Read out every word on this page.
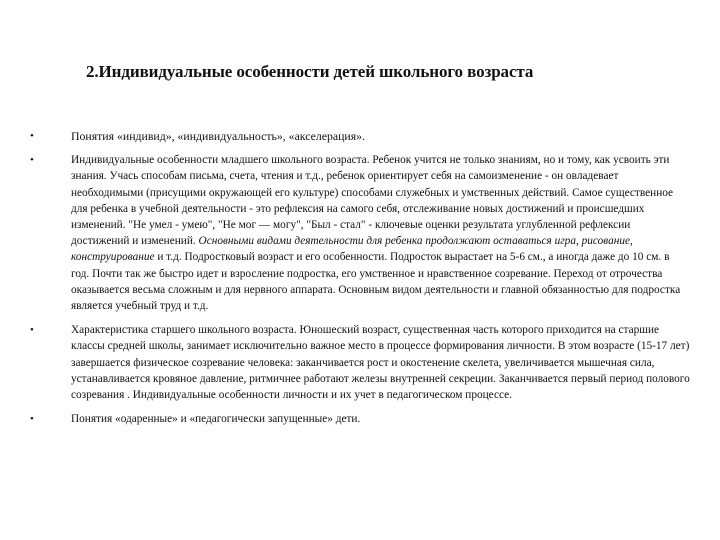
2.Индивидуальные особенности детей школьного возраста
•	Понятия «индивид», «индивидуальность», «акселерация».
•	Индивидуальные особенности младшего школьного возраста. Ребенок учится не только знаниям, но и тому, как усвоить эти знания. Учась способам письма, счета, чтения и т.д., ребенок ориентирует себя на самоизменение - он овладевает необходимыми (присущими окружающей его культуре) способами служебных и умственных действий. Самое существенное для ребенка в учебной деятельности - это рефлексия на самого себя, отслеживание новых достижений и происшедших изменений. "Не умел - умею", "Не мог — могу", "Был - стал" - ключевые оценки результата углубленной рефлексии достижений и изменений. Основными видами деятельности для ребенка продолжают оставаться игра, рисование, конструирование и т.д. Подростковый возраст и его особенности. Подросток вырастает на 5-6 см., а иногда даже до 10 см. в год. Почти так же быстро идет и взросление подростка, его умственное и нравственное созревание. Переход от отрочества оказывается весьма сложным и для нервного аппарата. Основным видом деятельности и главной обязанностью для подростка является учебный труд и т.д.
•	Характеристика старшего школьного возраста. Юношеский возраст, существенная часть которого приходится на старшие классы средней школы, занимает исключительно важное место в процессе формирования личности. В этом возрасте (15-17 лет) завершается физическое созревание человека: заканчивается рост и окостенение скелета, увеличивается мышечная сила, устанавливается кровяное давление, ритмичнее работают железы внутренней секреции. Заканчивается первый период полового созревания . Индивидуальные особенности личности и их учет в педагогическом процессе.
•	Понятия «одаренные» и «педагогически запущенные» дети.
